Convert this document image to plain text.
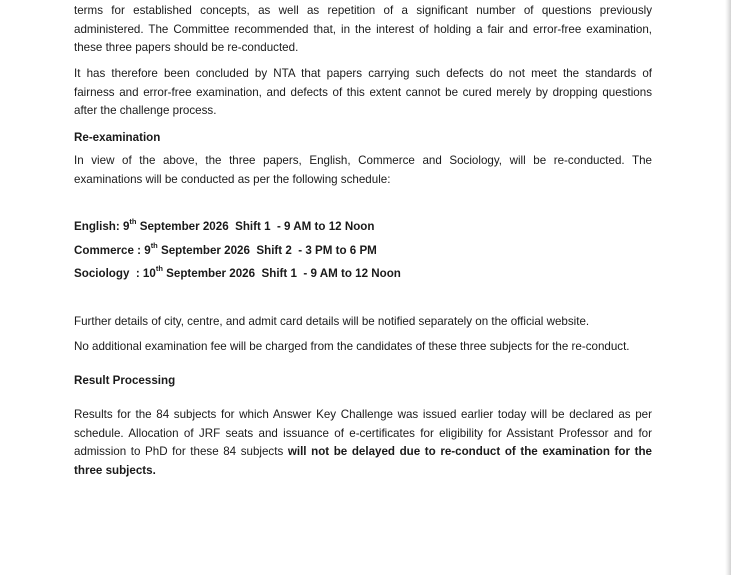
terms for established concepts, as well as repetition of a significant number of questions previously
administered. The Committee recommended that, in the interest of holding a fair and error-free examination,
these three papers should be re-conducted.
It has therefore been concluded by NTA that papers carrying such defects do not meet the standards of
fairness and error-free examination, and defects of this extent cannot be cured merely by dropping questions
after the challenge process.
Re-examination
In view of the above, the three papers, English, Commerce and Sociology, will be re-conducted. The
examinations will be conducted as per the following schedule:
English: 9th September 2026  Shift 1  - 9 AM to 12 Noon
Commerce : 9th September 2026  Shift 2  - 3 PM to 6 PM
Sociology  : 10th September 2026  Shift 1  - 9 AM to 12 Noon
Further details of city, centre, and admit card details will be notified separately on the official website.
No additional examination fee will be charged from the candidates of these three subjects for the re-conduct.
Result Processing
Results for the 84 subjects for which Answer Key Challenge was issued earlier today will be declared as per
schedule. Allocation of JRF seats and issuance of e-certificates for eligibility for Assistant Professor and for
admission to PhD for these 84 subjects will not be delayed due to re-conduct of the examination for the
three subjects.
